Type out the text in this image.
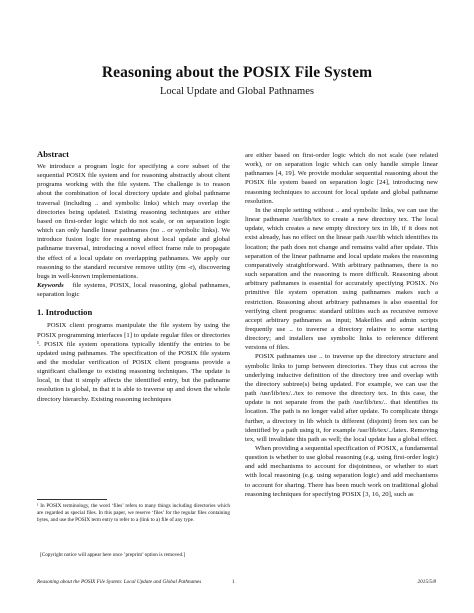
Reasoning about the POSIX File System
Local Update and Global Pathnames
Abstract

We introduce a program logic for specifying a core subset of the sequential POSIX file system and for reasoning abstractly about client programs working with the file system. The challenge is to reason about the combination of local directory update and global pathname traversal (including .. and symbolic links) which may overlap the directories being updated. Existing reasoning techniques are either based on first-order logic which do not scale, or on separation logic which can only handle linear pathnames (no .. or symbolic links). We introduce fusion logic for reasoning about local update and global pathname traversal, introducing a novel effect frame rule to propagate the effect of a local update on overlapping pathnames. We apply our reasoning to the standard recursive remove utility (rm -r), discovering bugs in well-known implementations.

Keywords file systems, POSIX, local reasoning, global pathnames, separation logic

1. Introduction

POSIX client programs manipulate the file system by using the POSIX programming interfaces [1] to update regular files or directories ¹. POSIX file system operations typically identify the entries to be updated using pathnames. The specification of the POSIX file system and the modular verification of POSIX client programs provide a significant challenge to existing reasoning techniques. The update is local, in that it simply affects the identified entry, but the pathname resolution is global, in that it is able to traverse up and down the whole directory hierarchy. Existing reasoning techniques

¹ In POSIX terminology, the word ‘files’ refers to many things including directories which are regarded as special files. In this paper, we reserve ‘files’ for the regular files containing bytes, and use the POSIX term entry to refer to a (link to a) file of any type.
[Copyright notice will appear here once ’preprint’ option is removed.]

are either based on first-order logic which do not scale (see related work), or on separation logic which can only handle simple linear pathnames [4, 19]. We provide modular sequential reasoning about the POSIX file system based on separation logic [24], introducing new reasoning techniques to account for local update and global pathname resolution.

In the simple setting without .. and symbolic links, we can use the linear pathname /usr/lib/tex to create a new directory tex. The local update, which creates a new empty directory tex in lib, if it does not exist already, has no effect on the linear path /usr/lib which identifies its location; the path does not change and remains valid after update. This separation of the linear pathname and local update makes the reasoning comparatively straightforward. With arbitrary pathnames, there is no such separation and the reasoning is more difficult. Reasoning about arbitrary pathnames is essential for accurately specifying POSIX. No primitive file system operation using pathnames makes such a restriction. Reasoning about arbitrary pathnames is also essential for verifying client programs: standard utilities such as recursive remove accept arbitrary pathnames as input; Makefiles and admin scripts frequently use .. to traverse a directory relative to some starting directory; and installers use symbolic links to reference different versions of files.

POSIX pathnames use .. to traverse up the directory structure and symbolic links to jump between directories. They thus cut across the underlying inductive definition of the directory tree and overlap with the directory subtree(s) being updated. For example, we can use the path /usr/lib/tex/../tex to remove the directory tex. In this case, the update is not separate from the path /usr/lib/tex/.. that identifies its location. The path is no longer valid after update. To complicate things further, a directory in lib which is different (disjoint) from tex can be identified by a path using it, for example /usr/lib/tex/../latex. Removing tex, will invalidate this path as well; the local update has a global effect.

When providing a sequential specification of POSIX, a fundamental question is whether to use global reasoning (e.g. using first-order logic) and add mechanisms to account for disjointness, or whether to start with local reasoning (e.g. using separation logic) and add mechanisms to account for sharing. There has been much work on traditional global reasoning techniques for specifying POSIX [3, 16, 20], such as

Reasoning about the POSIX File System: Local Update and Global Pathnames	1	2015/5/8
